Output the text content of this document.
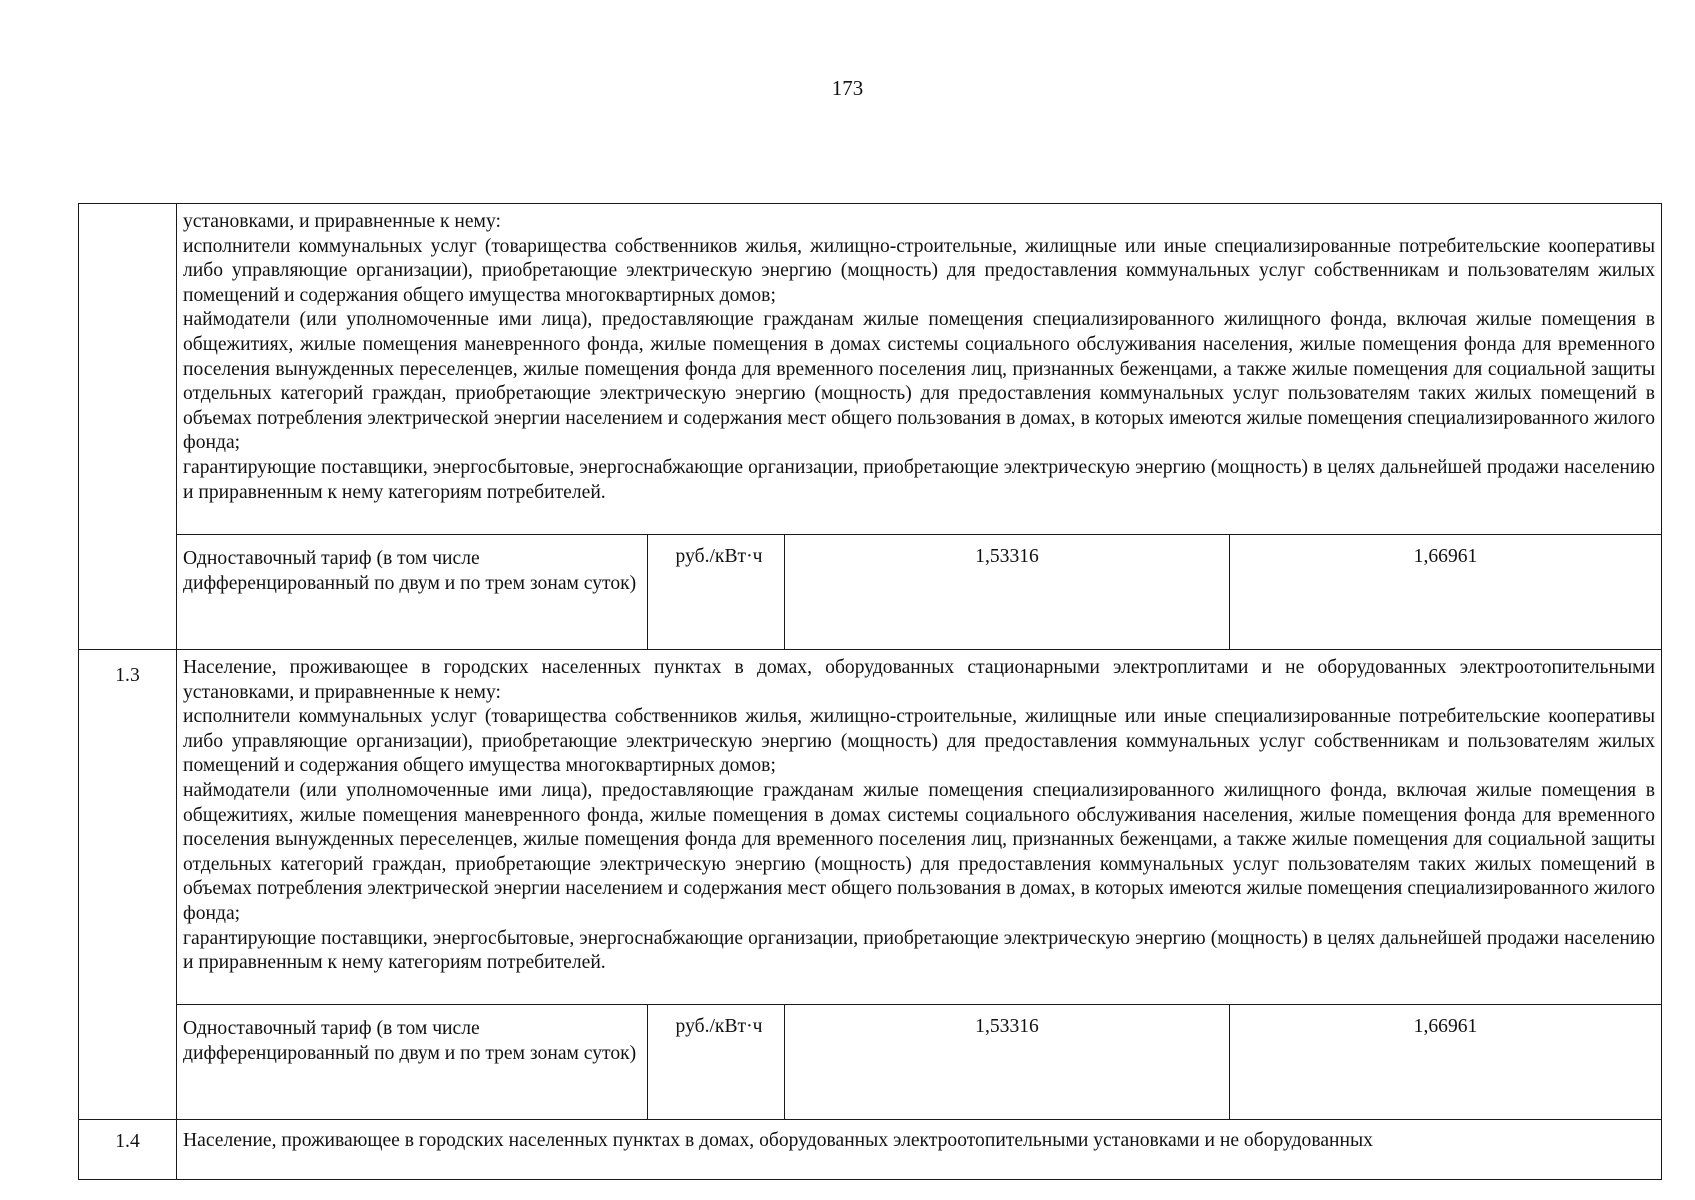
173

	установками, и приравненные к нему:

исполнители коммунальных услуг (товарищества собственников жилья, жилищно-строительные, жилищные или иные специализированные потребительские кооперативы либо управляющие организации), приобретающие электрическую энергию (мощность) для предоставления коммунальных услуг собственникам и пользователям жилых помещений и содержания общего имущества многоквартирных домов;

наймодатели (или уполномоченные ими лица), предоставляющие гражданам жилые помещения специализированного жилищного фонда, включая жилые помещения в общежитиях, жилые помещения маневренного фонда, жилые помещения в домах системы социального обслуживания населения, жилые помещения фонда для временного поселения вынужденных переселенцев, жилые помещения фонда для временного поселения лиц, признанных беженцами, а также жилые помещения для социальной защиты отдельных категорий граждан, приобретающие электрическую энергию (мощность) для предоставления коммунальных услуг пользователям таких жилых помещений в объемах потребления электрической энергии населением и содержания мест общего пользования в домах, в которых имеются жилые помещения специализированного жилого фонда;

гарантирующие поставщики, энергосбытовые, энергоснабжающие организации, приобретающие электрическую энергию (мощность) в целях дальнейшей продажи населению и приравненным к нему категориям потребителей.			

	Одноставочный тариф (в том числе дифференцированный по двум и по трем зонам суток)	руб./кВт·ч	1,53316	1,66961
1.3	Население, проживающее в городских населенных пунктах в домах, оборудованных стационарными электроплитами и не оборудованных электроотопительными установками, и приравненные к нему:

исполнители коммунальных услуг (товарищества собственников жилья, жилищно-строительные, жилищные или иные специализированные потребительские кооперативы либо управляющие организации), приобретающие электрическую энергию (мощность) для предоставления коммунальных услуг собственникам и пользователям жилых помещений и содержания общего имущества многоквартирных домов;

наймодатели (или уполномоченные ими лица), предоставляющие гражданам жилые помещения специализированного жилищного фонда, включая жилые помещения в общежитиях, жилые помещения маневренного фонда, жилые помещения в домах системы социального обслуживания населения, жилые помещения фонда для временного поселения вынужденных переселенцев, жилые помещения фонда для временного поселения лиц, признанных беженцами, а также жилые помещения для социальной защиты отдельных категорий граждан, приобретающие электрическую энергию (мощность) для предоставления коммунальных услуг пользователям таких жилых помещений в объемах потребления электрической энергии населением и содержания мест общего пользования в домах, в которых имеются жилые помещения специализированного жилого фонда;

гарантирующие поставщики, энергосбытовые, энергоснабжающие организации, приобретающие электрическую энергию (мощность) в целях дальнейшей продажи населению и приравненным к нему категориям потребителей.			

	Одноставочный тариф (в том числе дифференцированный по двум и по трем зонам суток)	руб./кВт·ч	1,53316	1,66961
1.4	Население, проживающее в городских населенных пунктах в домах, оборудованных электроотопительными установками и не оборудованных			
